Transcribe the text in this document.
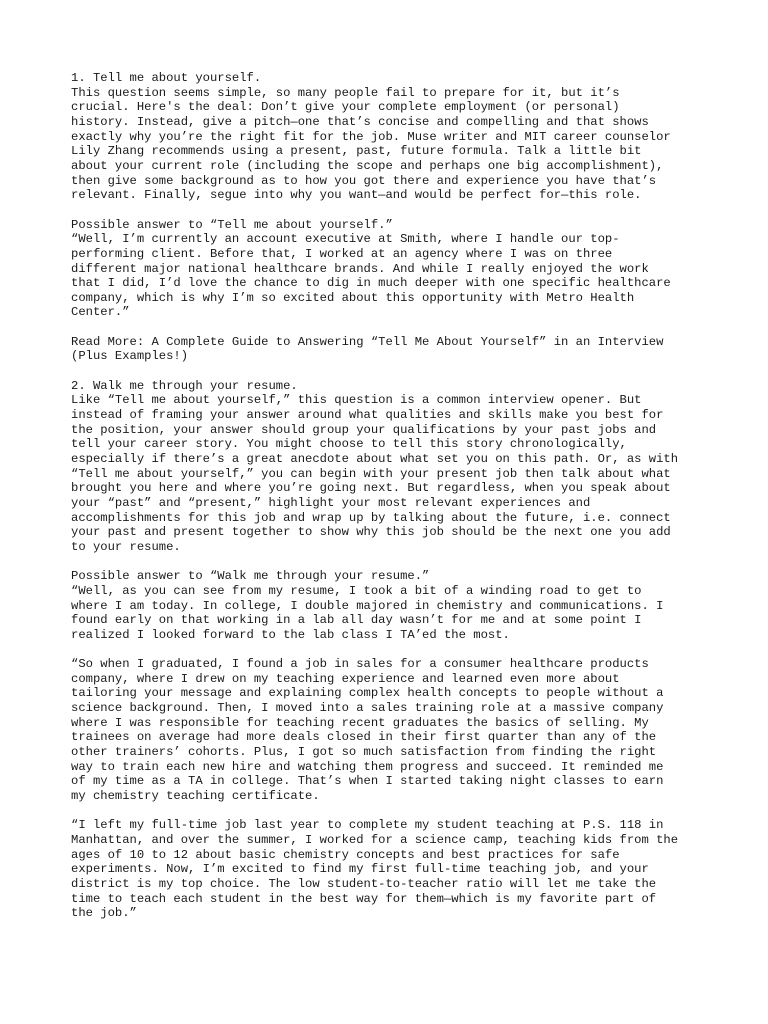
1. Tell me about yourself.
This question seems simple, so many people fail to prepare for it, but it’s
crucial. Here's the deal: Don’t give your complete employment (or personal)
history. Instead, give a pitch—one that’s concise and compelling and that shows
exactly why you’re the right fit for the job. Muse writer and MIT career counselor
Lily Zhang recommends using a present, past, future formula. Talk a little bit
about your current role (including the scope and perhaps one big accomplishment),
then give some background as to how you got there and experience you have that’s
relevant. Finally, segue into why you want—and would be perfect for—this role.
Possible answer to “Tell me about yourself.”
“Well, I’m currently an account executive at Smith, where I handle our top-
performing client. Before that, I worked at an agency where I was on three
different major national healthcare brands. And while I really enjoyed the work
that I did, I’d love the chance to dig in much deeper with one specific healthcare
company, which is why I’m so excited about this opportunity with Metro Health
Center.”
Read More: A Complete Guide to Answering “Tell Me About Yourself” in an Interview
(Plus Examples!)
2. Walk me through your resume.
Like “Tell me about yourself,” this question is a common interview opener. But
instead of framing your answer around what qualities and skills make you best for
the position, your answer should group your qualifications by your past jobs and
tell your career story. You might choose to tell this story chronologically,
especially if there’s a great anecdote about what set you on this path. Or, as with
“Tell me about yourself,” you can begin with your present job then talk about what
brought you here and where you’re going next. But regardless, when you speak about
your “past” and “present,” highlight your most relevant experiences and
accomplishments for this job and wrap up by talking about the future, i.e. connect
your past and present together to show why this job should be the next one you add
to your resume.
Possible answer to “Walk me through your resume.”
“Well, as you can see from my resume, I took a bit of a winding road to get to
where I am today. In college, I double majored in chemistry and communications. I
found early on that working in a lab all day wasn’t for me and at some point I
realized I looked forward to the lab class I TA’ed the most.
“So when I graduated, I found a job in sales for a consumer healthcare products
company, where I drew on my teaching experience and learned even more about
tailoring your message and explaining complex health concepts to people without a
science background. Then, I moved into a sales training role at a massive company
where I was responsible for teaching recent graduates the basics of selling. My
trainees on average had more deals closed in their first quarter than any of the
other trainers’ cohorts. Plus, I got so much satisfaction from finding the right
way to train each new hire and watching them progress and succeed. It reminded me
of my time as a TA in college. That’s when I started taking night classes to earn
my chemistry teaching certificate.
“I left my full-time job last year to complete my student teaching at P.S. 118 in
Manhattan, and over the summer, I worked for a science camp, teaching kids from the
ages of 10 to 12 about basic chemistry concepts and best practices for safe
experiments. Now, I’m excited to find my first full-time teaching job, and your
district is my top choice. The low student-to-teacher ratio will let me take the
time to teach each student in the best way for them—which is my favorite part of
the job.”
